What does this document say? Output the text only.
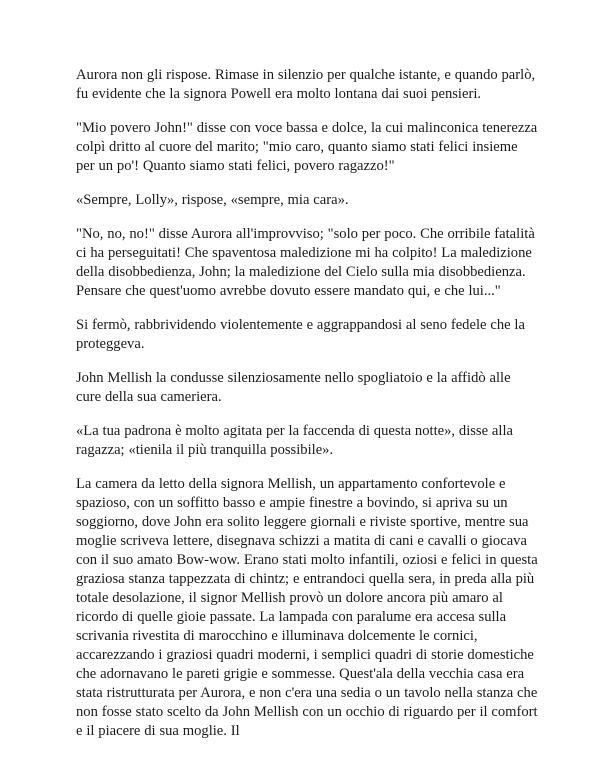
Aurora non gli rispose. Rimase in silenzio per qualche istante, e quando parlò, fu evidente che la signora Powell era molto lontana dai suoi pensieri.

"Mio povero John!" disse con voce bassa e dolce, la cui malinconica tenerezza colpì dritto al cuore del marito; "mio caro, quanto siamo stati felici insieme per un po'! Quanto siamo stati felici, povero ragazzo!"

«Sempre, Lolly», rispose, «sempre, mia cara».

"No, no, no!" disse Aurora all'improvviso; "solo per poco. Che orribile fatalità ci ha perseguitati! Che spaventosa maledizione mi ha colpito! La maledizione della disobbedienza, John; la maledizione del Cielo sulla mia disobbedienza. Pensare che quest'uomo avrebbe dovuto essere mandato qui, e che lui..."

Si fermò, rabbrividendo violentemente e aggrappandosi al seno fedele che la proteggeva.

John Mellish la condusse silenziosamente nello spogliatoio e la affidò alle cure della sua cameriera.

«La tua padrona è molto agitata per la faccenda di questa notte», disse alla ragazza; «tienila il più tranquilla possibile».

La camera da letto della signora Mellish, un appartamento confortevole e spazioso, con un soffitto basso e ampie finestre a bovindo, si apriva su un soggiorno, dove John era solito leggere giornali e riviste sportive, mentre sua moglie scriveva lettere, disegnava schizzi a matita di cani e cavalli o giocava con il suo amato Bow-wow. Erano stati molto infantili, oziosi e felici in questa graziosa stanza tappezzata di chintz; e entrandoci quella sera, in preda alla più totale desolazione, il signor Mellish provò un dolore ancora più amaro al ricordo di quelle gioie passate. La lampada con paralume era accesa sulla scrivania rivestita di marocchino e illuminava dolcemente le cornici, accarezzando i graziosi quadri moderni, i semplici quadri di storie domestiche che adornavano le pareti grigie e sommesse. Quest'ala della vecchia casa era stata ristrutturata per Aurora, e non c'era una sedia o un tavolo nella stanza che non fosse stato scelto da John Mellish con un occhio di riguardo per il comfort e il piacere di sua moglie. Il
